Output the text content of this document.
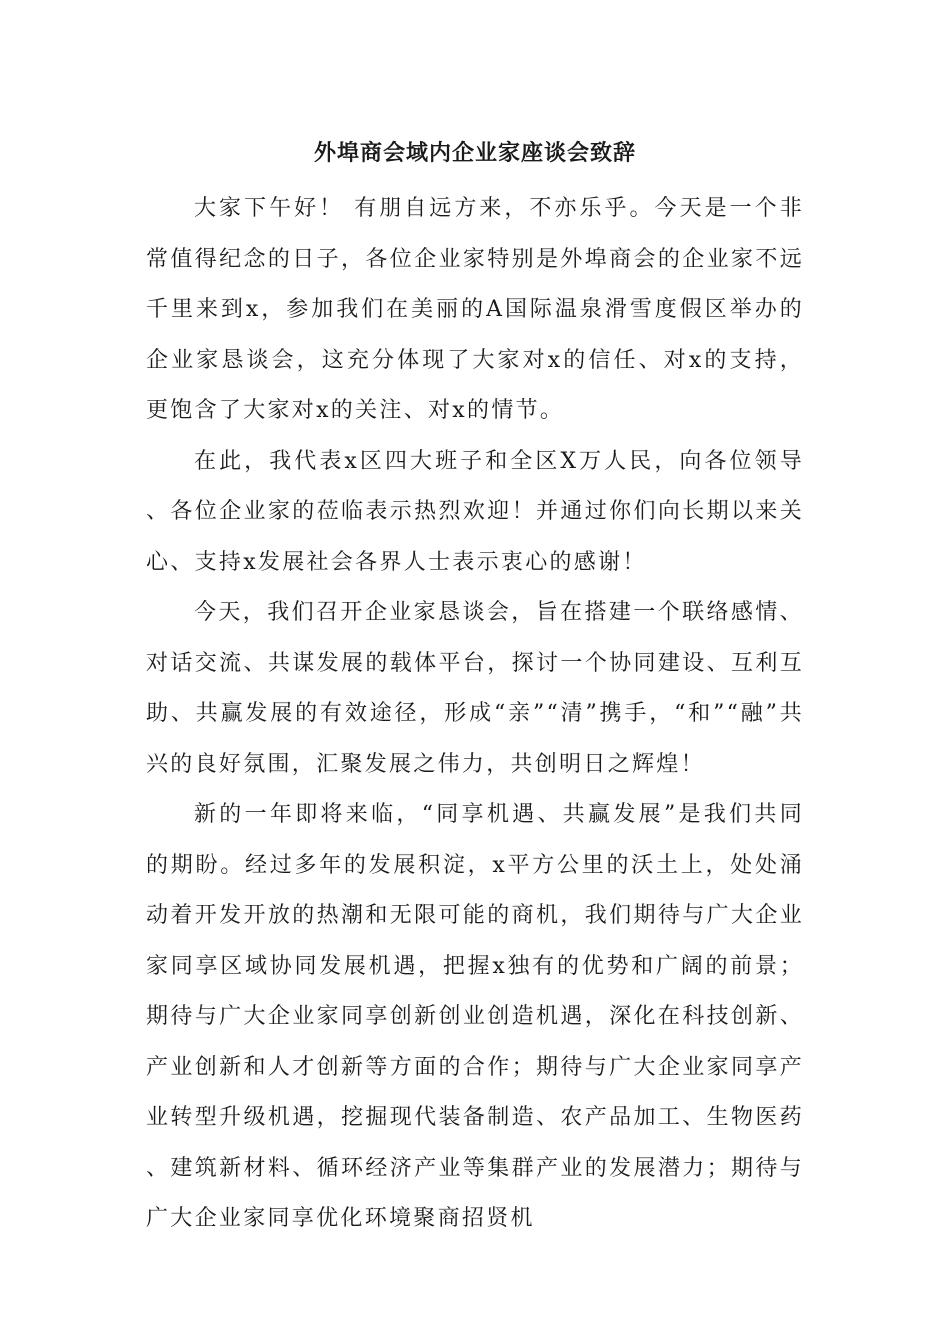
外埠商会域内企业家座谈会致辞

大家下午好！ 有朋自远方来，不亦乐乎。今天是一个非常值得纪念的日子，各位企业家特别是外埠商会的企业家不远千里来到x，参加我们在美丽的A国际温泉滑雪度假区举办的企业家恳谈会，这充分体现了大家对x的信任、对x的支持，更饱含了大家对x的关注、对x的情节。

在此，我代表x区四大班子和全区X万人民，向各位领导、各位企业家的莅临表示热烈欢迎！并通过你们向长期以来关心、支持x发展社会各界人士表示衷心的感谢！

今天，我们召开企业家恳谈会，旨在搭建一个联络感情、对话交流、共谋发展的载体平台，探讨一个协同建设、互利互助、共赢发展的有效途径，形成“亲”“清”携手，“和”“融”共兴的良好氛围，汇聚发展之伟力，共创明日之辉煌！

新的一年即将来临，“同享机遇、共赢发展”是我们共同的期盼。经过多年的发展积淀，x平方公里的沃土上，处处涌动着开发开放的热潮和无限可能的商机，我们期待与广大企业家同享区域协同发展机遇，把握x独有的优势和广阔的前景；期待与广大企业家同享创新创业创造机遇，深化在科技创新、产业创新和人才创新等方面的合作；期待与广大企业家同享产业转型升级机遇，挖掘现代装备制造、农产品加工、生物医药、建筑新材料、循环经济产业等集群产业的发展潜力；期待与广大企业家同享优化环境聚商招贤机
